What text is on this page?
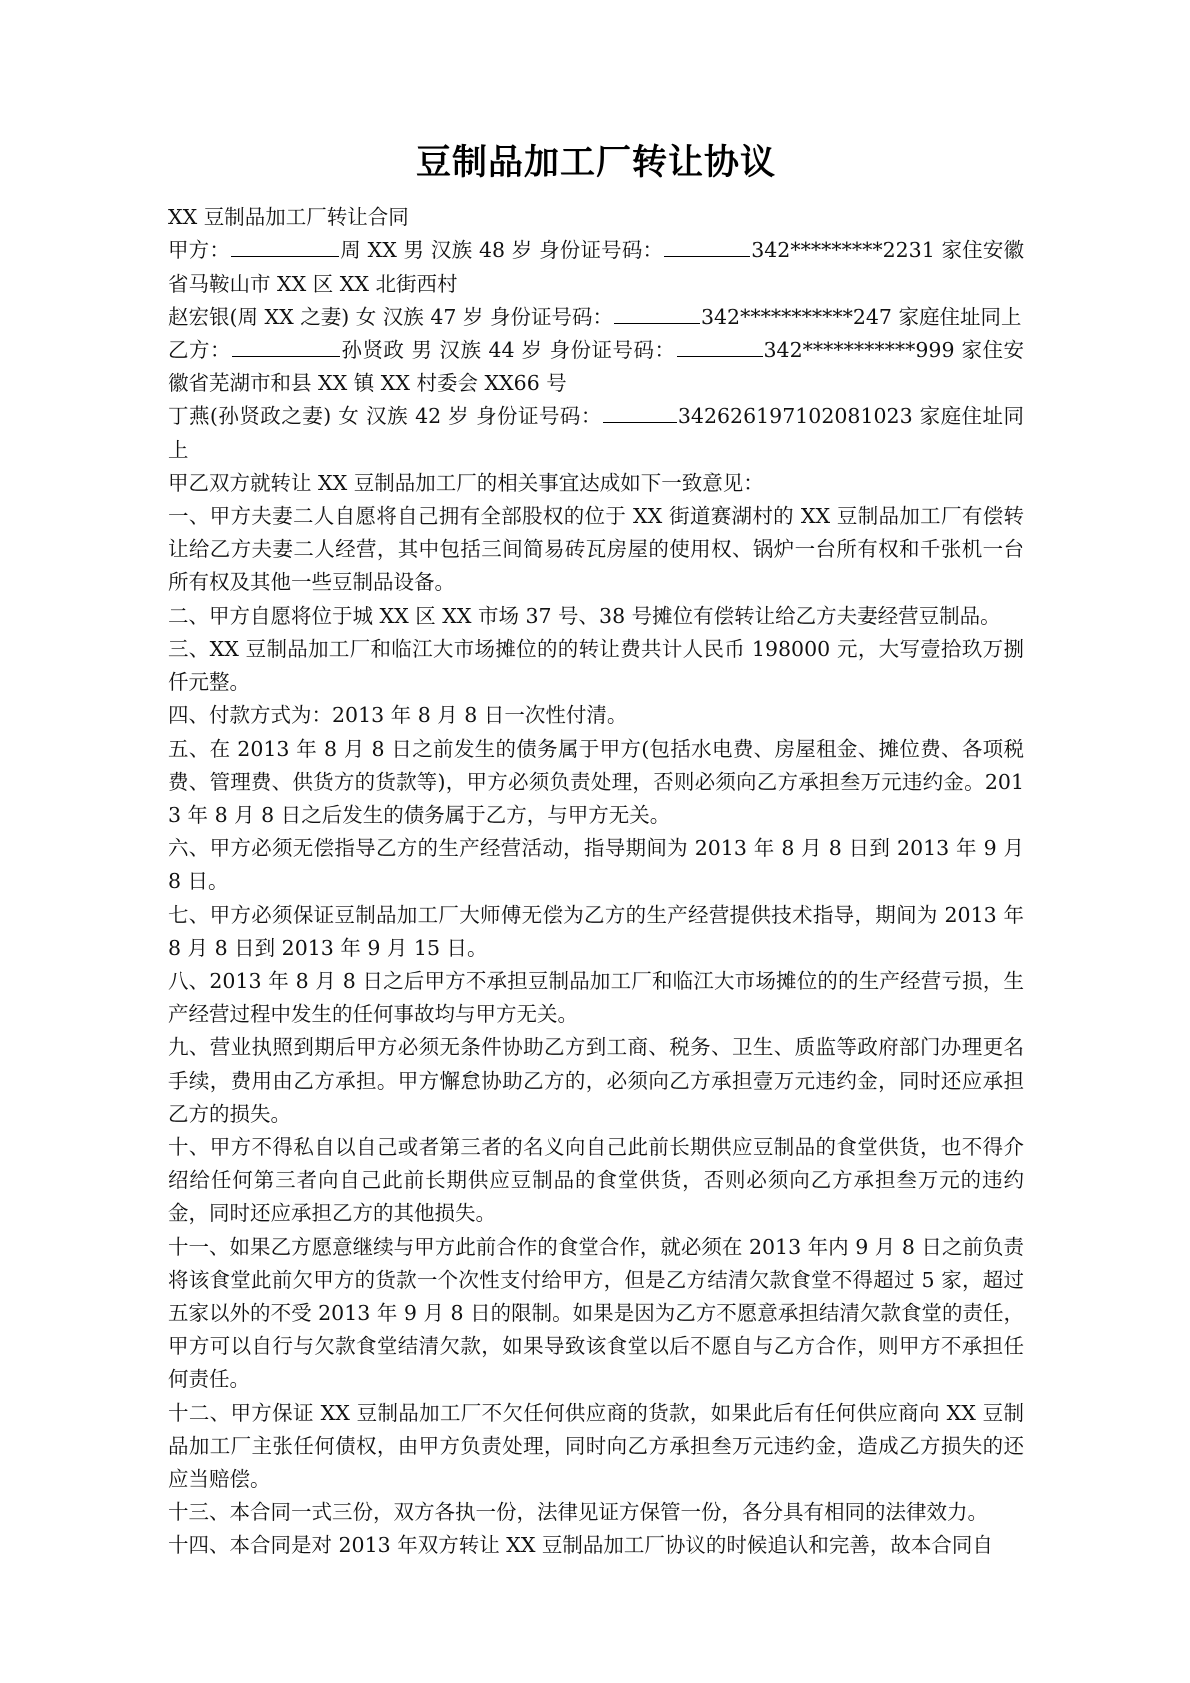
豆制品加工厂转让协议

XX 豆制品加工厂转让合同

甲方：	周 XX 男 汉族 48 岁 身份证号码：	342*********2231 家住安徽省马鞍山市 XX 区 XX 北街西村

赵宏银(周 XX 之妻) 女 汉族 47 岁 身份证号码：	342***********247 家庭住址同上

乙方：	孙贤政 男 汉族 44 岁 身份证号码：	342***********999 家住安徽省芜湖市和县 XX 镇 XX 村委会 XX66 号

丁燕(孙贤政之妻) 女 汉族 42 岁 身份证号码：	342626197102081023 家庭住址同上

甲乙双方就转让 XX 豆制品加工厂的相关事宜达成如下一致意见：

一、甲方夫妻二人自愿将自己拥有全部股权的位于 XX 街道赛湖村的 XX 豆制品加工厂有偿转让给乙方夫妻二人经营，其中包括三间简易砖瓦房屋的使用权、锅炉一台所有权和千张机一台所有权及其他一些豆制品设备。

二、甲方自愿将位于城 XX 区 XX 市场 37 号、38 号摊位有偿转让给乙方夫妻经营豆制品。

三、XX 豆制品加工厂和临江大市场摊位的的转让费共计人民币 198000 元，大写壹拾玖万捌仟元整。

四、付款方式为：2013 年 8 月 8 日一次性付清。

五、在 2013 年 8 月 8 日之前发生的债务属于甲方(包括水电费、房屋租金、摊位费、各项税费、管理费、供货方的货款等)，甲方必须负责处理，否则必须向乙方承担叁万元违约金。2013 年 8 月 8 日之后发生的债务属于乙方，与甲方无关。

六、甲方必须无偿指导乙方的生产经营活动，指导期间为 2013 年 8 月 8 日到 2013 年 9 月 8 日。

七、甲方必须保证豆制品加工厂大师傅无偿为乙方的生产经营提供技术指导，期间为 2013 年 8 月 8 日到 2013 年 9 月 15 日。

八、2013 年 8 月 8 日之后甲方不承担豆制品加工厂和临江大市场摊位的的生产经营亏损，生产经营过程中发生的任何事故均与甲方无关。

九、营业执照到期后甲方必须无条件协助乙方到工商、税务、卫生、质监等政府部门办理更名手续，费用由乙方承担。甲方懈怠协助乙方的，必须向乙方承担壹万元违约金，同时还应承担乙方的损失。

十、甲方不得私自以自己或者第三者的名义向自己此前长期供应豆制品的食堂供货，也不得介绍给任何第三者向自己此前长期供应豆制品的食堂供货，否则必须向乙方承担叁万元的违约金，同时还应承担乙方的其他损失。

十一、如果乙方愿意继续与甲方此前合作的食堂合作，就必须在 2013 年内 9 月 8 日之前负责将该食堂此前欠甲方的货款一个次性支付给甲方，但是乙方结清欠款食堂不得超过 5 家，超过五家以外的不受 2013 年 9 月 8 日的限制。如果是因为乙方不愿意承担结清欠款食堂的责任，甲方可以自行与欠款食堂结清欠款，如果导致该食堂以后不愿自与乙方合作，则甲方不承担任何责任。

十二、甲方保证 XX 豆制品加工厂不欠任何供应商的货款，如果此后有任何供应商向 XX 豆制品加工厂主张任何债权，由甲方负责处理，同时向乙方承担叁万元违约金，造成乙方损失的还应当赔偿。

十三、本合同一式三份，双方各执一份，法律见证方保管一份，各分具有相同的法律效力。

十四、本合同是对 2013 年双方转让 XX 豆制品加工厂协议的时候追认和完善，故本合同自
